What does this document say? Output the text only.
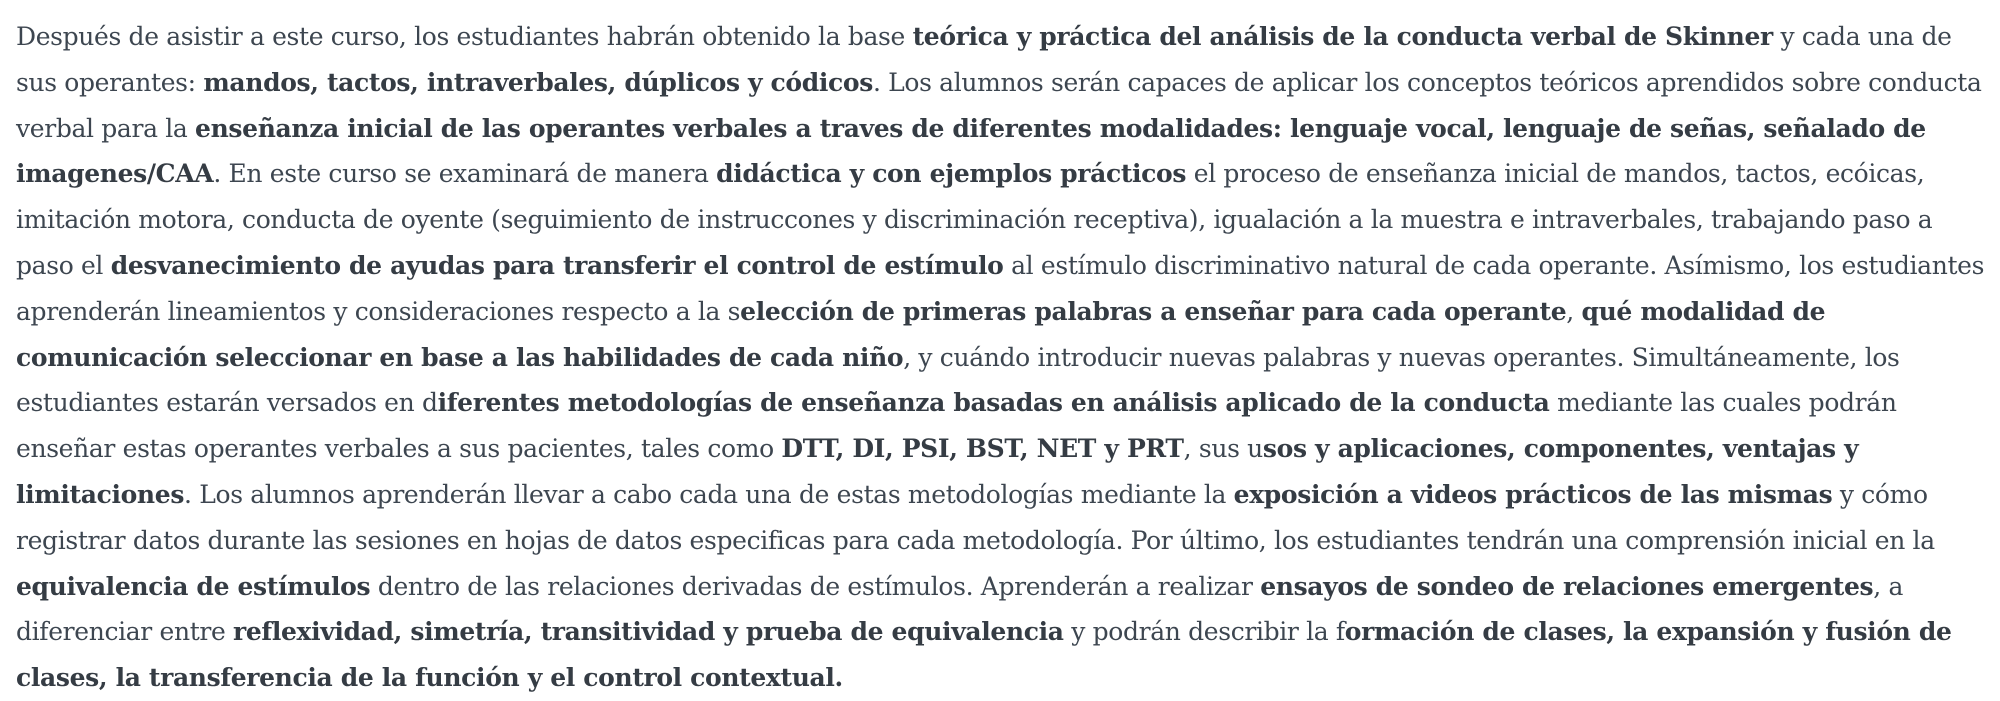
Después de asistir a este curso, los estudiantes habrán obtenido la base teórica y práctica del análisis de la conducta verbal de Skinner y cada una de sus operantes: mandos, tactos, intraverbales, dúplicos y códicos. Los alumnos serán capaces de aplicar los conceptos teóricos aprendidos sobre conducta verbal para la enseñanza inicial de las operantes verbales a traves de diferentes modalidades: lenguaje vocal, lenguaje de señas, señalado de imagenes/CAA. En este curso se examinará de manera didáctica y con ejemplos prácticos el proceso de enseñanza inicial de mandos, tactos, ecóicas, imitación motora, conducta de oyente (seguimiento de instruccones y discriminación receptiva), igualación a la muestra e intraverbales, trabajando paso a paso el desvanecimiento de ayudas para transferir el control de estímulo al estímulo discriminativo natural de cada operante. Asímismo, los estudiantes aprenderán lineamientos y consideraciones respecto a la selección de primeras palabras a enseñar para cada operante, qué modalidad de comunicación seleccionar en base a las habilidades de cada niño, y cuándo introducir nuevas palabras y nuevas operantes. Simultáneamente, los estudiantes estarán versados en diferentes metodologías de enseñanza basadas en análisis aplicado de la conducta mediante las cuales podrán enseñar estas operantes verbales a sus pacientes, tales como DTT, DI, PSI, BST, NET y PRT, sus usos y aplicaciones, componentes, ventajas y limitaciones. Los alumnos aprenderán llevar a cabo cada una de estas metodologías mediante la exposición a videos prácticos de las mismas y cómo registrar datos durante las sesiones en hojas de datos especificas para cada metodología. Por último, los estudiantes tendrán una comprensión inicial en la equivalencia de estímulos dentro de las relaciones derivadas de estímulos. Aprenderán a realizar ensayos de sondeo de relaciones emergentes, a diferenciar entre reflexividad, simetría, transitividad y prueba de equivalencia y podrán describir la formación de clases, la expansión y fusión de clases, la transferencia de la función y el control contextual.
